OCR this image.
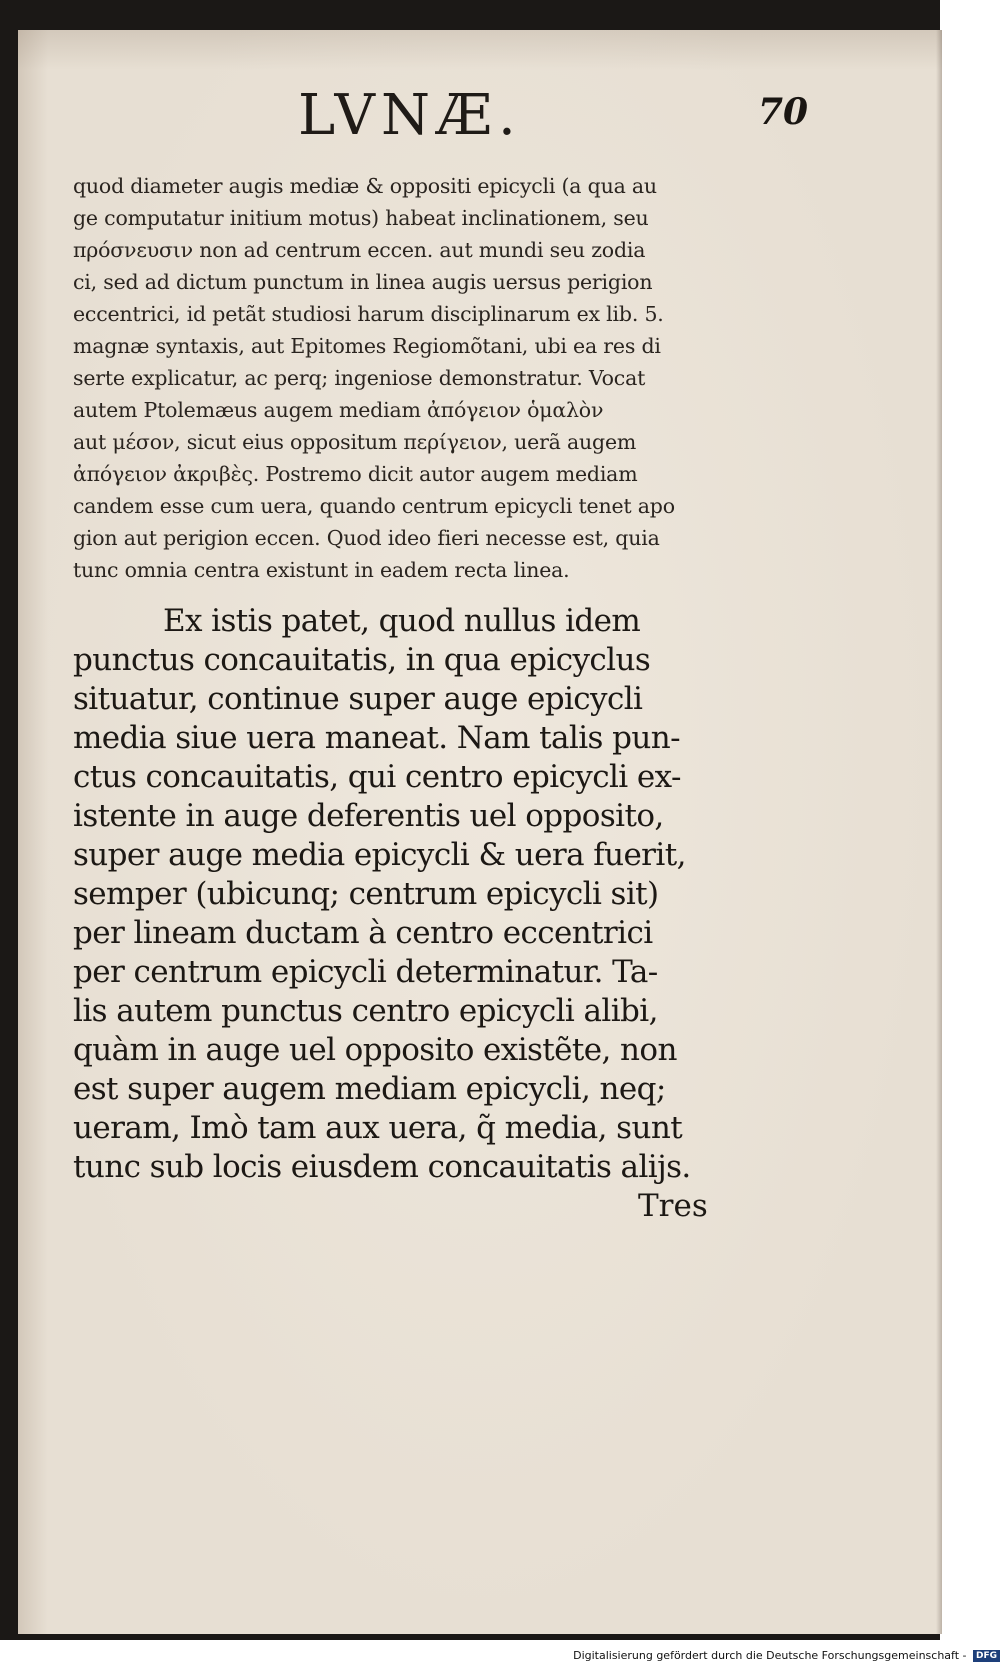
LVNÆ.	70
quod diameter augis mediæ & oppositi epicycli (a qua au
ge computatur initium motus) habeat inclinationem, seu
πρόσνευσιν non ad centrum eccen. aut mundi seu zodia
ci, sed ad dictum punctum in linea augis uersus perigion
eccentrici, id petãt studiosi harum disciplinarum ex lib. 5.
magnæ syntaxis, aut Epitomes Regiomõtani, ubi ea res di
serte explicatur, ac perq; ingeniose demonstratur. Vocat
autem Ptolemæus augem mediam ἀπόγειον ὁμαλὸν
aut μέσον, sicut eius oppositum περίγειον, uerã augem
ἀπόγειον ἀκριβὲς. Postremo dicit autor augem mediam
candem esse cum uera, quando centrum epicycli tenet apo
gion aut perigion eccen. Quod ideo fieri necesse est, quia
tunc omnia centra existunt in eadem recta linea.
Ex istis patet, quod nullus idem
punctus concauitatis, in qua epicyclus
situatur, continue super auge epicycli
media siue uera maneat. Nam talis pun-
ctus concauitatis, qui centro epicycli ex-
istente in auge deferentis uel opposito,
super auge media epicycli & uera fuerit,
semper (ubicunq; centrum epicycli sit)
per lineam ductam à centro eccentrici
per centrum epicycli determinatur. Ta-
lis autem punctus centro epicycli alibi,
quàm in auge uel opposito existẽte, non
est super augem mediam epicycli, neq;
ueram, Imò tam aux uera, q̃ media, sunt
tunc sub locis eiusdem concauitatis alijs.
Tres
Digitalisierung gefördert durch die Deutsche Forschungsgemeinschaft - DFG
